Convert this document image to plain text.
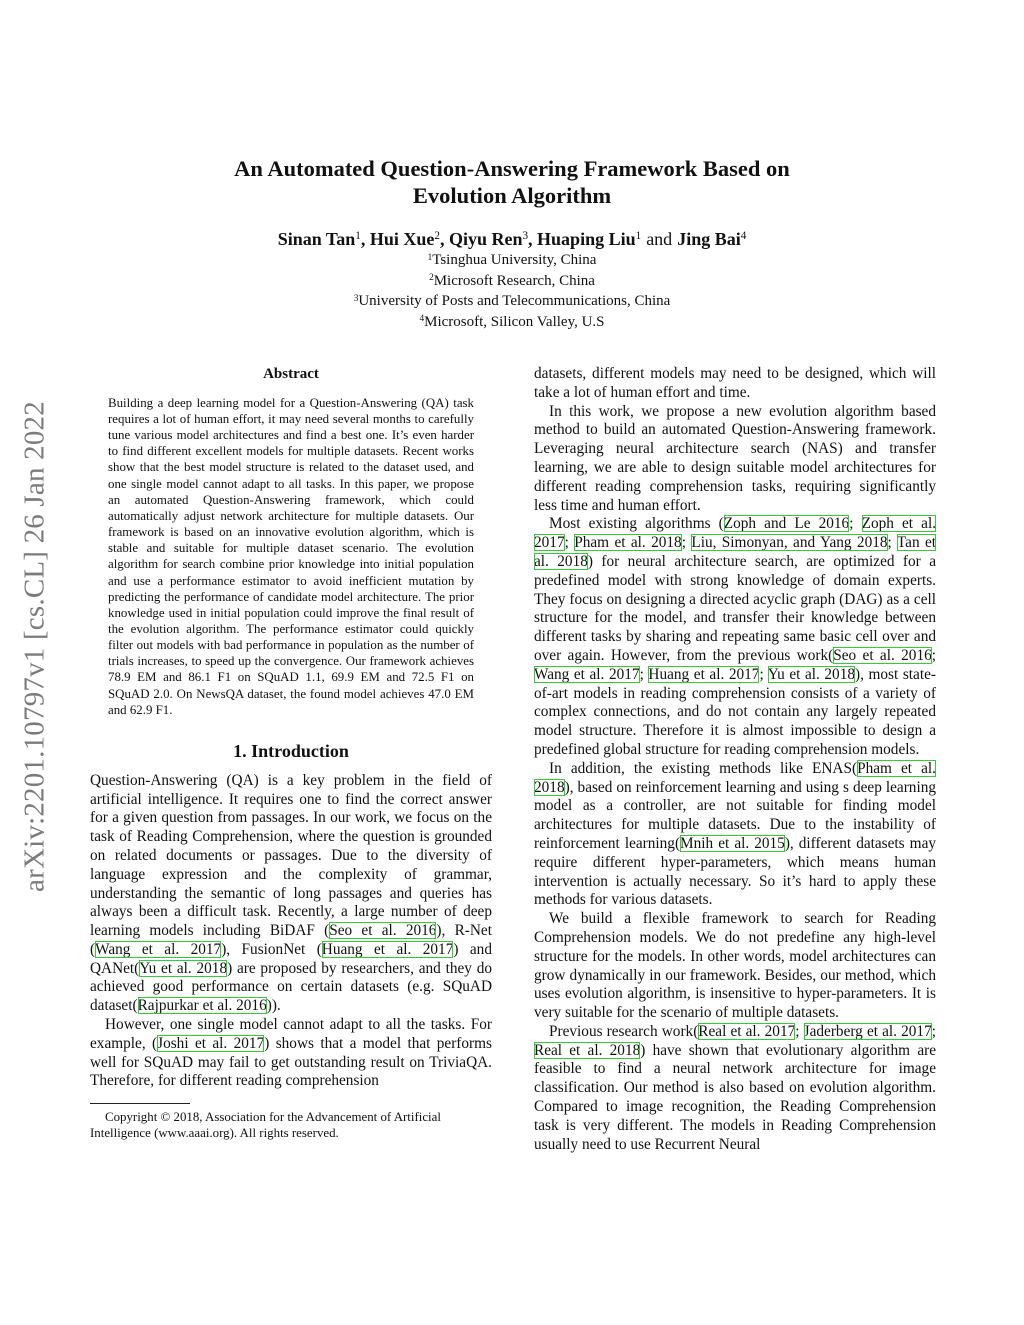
arXiv:2201.10797v1 [cs.CL] 26 Jan 2022
An Automated Question-Answering Framework Based on
Evolution Algorithm
Sinan Tan$^1$, Hui Xue$^2$, Qiyu Ren$^3$, Huaping Liu$^1$ and Jing Bai$^4$
$^1$Tsinghua University, China
$^2$Microsoft Research, China
$^3$University of Posts and Telecommunications, China
$^4$Microsoft, Silicon Valley, U.S
Abstract
Building a deep learning model for a Question-Answering (QA) task requires a lot of human effort, it may need several months to carefully tune various model architectures and find a best one. It’s even harder to find different excellent models for multiple datasets. Recent works show that the best model structure is related to the dataset used, and one single model cannot adapt to all tasks. In this paper, we propose an automated Question-Answering framework, which could automatically adjust network architecture for multiple datasets. Our framework is based on an innovative evolution algorithm, which is stable and suitable for multiple dataset scenario. The evolution algorithm for search combine prior knowledge into initial population and use a performance estimator to avoid inefficient mutation by predicting the performance of candidate model architecture. The prior knowledge used in initial population could improve the final result of the evolution algorithm. The performance estimator could quickly filter out models with bad performance in population as the number of trials increases, to speed up the convergence. Our framework achieves 78.9 EM and 86.1 F1 on SQuAD 1.1, 69.9 EM and 72.5 F1 on SQuAD 2.0. On NewsQA dataset, the found model achieves 47.0 EM and 62.9 F1.
1. Introduction

Question-Answering (QA) is a key problem in the field of artificial intelligence. It requires one to find the correct answer for a given question from passages. In our work, we focus on the task of Reading Comprehension, where the question is grounded on related documents or passages. Due to the diversity of language expression and the complexity of grammar, understanding the semantic of long passages and queries has always been a difficult task. Recently, a large number of deep learning models including BiDAF (Seo et al. 2016), R-Net (Wang et al. 2017), FusionNet (Huang et al. 2017) and QANet(Yu et al. 2018) are proposed by researchers, and they do achieved good performance on certain datasets (e.g. SQuAD dataset(Rajpurkar et al. 2016)).

However, one single model cannot adapt to all the tasks. For example, (Joshi et al. 2017) shows that a model that performs well for SQuAD may fail to get outstanding result on TriviaQA. Therefore, for different reading comprehension

Copyright © 2018, Association for the Advancement of Artificial Intelligence (www.aaai.org). All rights reserved.

datasets, different models may need to be designed, which will take a lot of human effort and time.

In this work, we propose a new evolution algorithm based method to build an automated Question-Answering framework. Leveraging neural architecture search (NAS) and transfer learning, we are able to design suitable model architectures for different reading comprehension tasks, requiring significantly less time and human effort.

Most existing algorithms (Zoph and Le 2016; Zoph et al. 2017; Pham et al. 2018; Liu, Simonyan, and Yang 2018; Tan et al. 2018) for neural architecture search, are optimized for a predefined model with strong knowledge of domain experts. They focus on designing a directed acyclic graph (DAG) as a cell structure for the model, and transfer their knowledge between different tasks by sharing and repeating same basic cell over and over again. However, from the previous work(Seo et al. 2016; Wang et al. 2017; Huang et al. 2017; Yu et al. 2018), most state-of-art models in reading comprehension consists of a variety of complex connections, and do not contain any largely repeated model structure. Therefore it is almost impossible to design a predefined global structure for reading comprehension models.

In addition, the existing methods like ENAS(Pham et al. 2018), based on reinforcement learning and using s deep learning model as a controller, are not suitable for finding model architectures for multiple datasets. Due to the instability of reinforcement learning(Mnih et al. 2015), different datasets may require different hyper-parameters, which means human intervention is actually necessary. So it’s hard to apply these methods for various datasets.

We build a flexible framework to search for Reading Comprehension models. We do not predefine any high-level structure for the models. In other words, model architectures can grow dynamically in our framework. Besides, our method, which uses evolution algorithm, is insensitive to hyper-parameters. It is very suitable for the scenario of multiple datasets.

Previous research work(Real et al. 2017; Jaderberg et al. 2017; Real et al. 2018) have shown that evolutionary algorithm are feasible to find a neural network architecture for image classification. Our method is also based on evolution algorithm. Compared to image recognition, the Reading Comprehension task is very different. The models in Reading Comprehension usually need to use Recurrent Neural
